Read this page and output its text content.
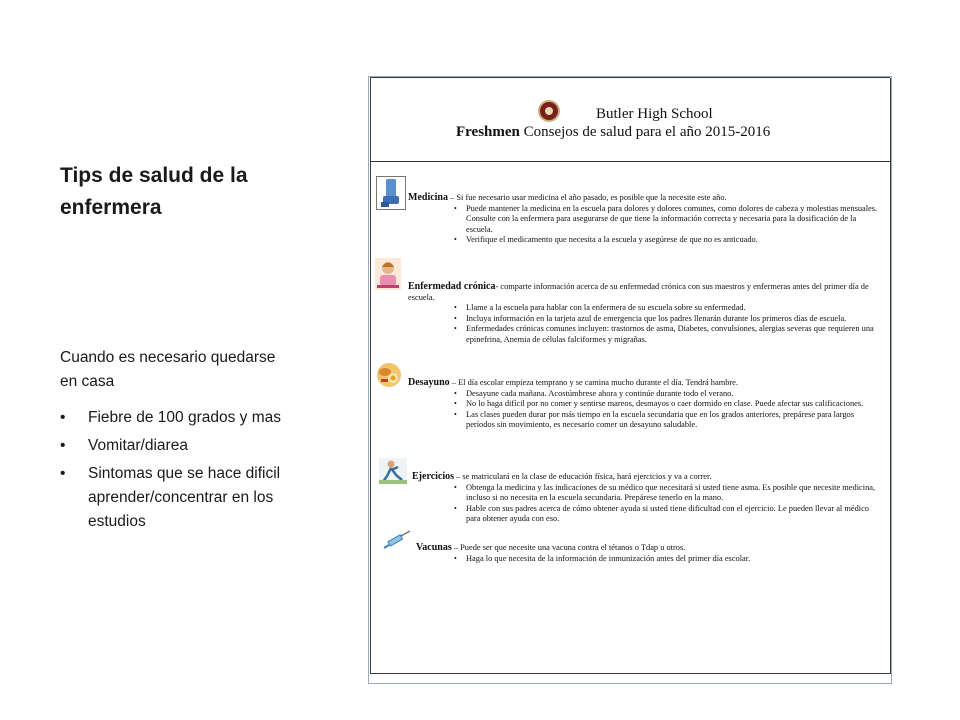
Tips de salud de la enfermera

Cuando es necesario quedarse en casa

• Fiebre de 100 grados y mas
• Vomitar/diarea
• Sintomas que se hace dificil aprender/concentrar en los estudios
Butler High School
Freshmen Consejos de salud para el año 2015-2016

Medicina – Si fue necesario usar medicina el año pasado, es posible que la necesite este año.

• Puede mantener la medicina en la escuela para dolores y dolores comunes, como dolores de cabeza y molestias mensuales. Consulte con la enfermera para asegurarse de que tiene la información correcta y necesaria para la dosificación de la escuela.
• Verifique el medicamento que necesita a la escuela y asegúrese de que no es anticuado.

Enfermedad crónica- comparte información acerca de su enfermedad crónica con sus maestros y enfermeras antes del primer día de escuela.

• Llame a la escuela para hablar con la enfermera de su escuela sobre su enfermedad.
• Incluya información en la tarjeta azul de emergencia que los padres llenarán durante los primeros días de escuela.
• Enfermedades crónicas comunes incluyen: trastornos de asma, Diabetes, convulsiones, alergias severas que requieren una epinefrina, Anemia de células falciformes y migrañas.

Desayuno – El día escolar empieza temprano y se camina mucho durante el día. Tendrá hambre.

• Desayune cada mañana. Acostúmbrese ahora y continúe durante todo el verano.
• No lo haga difícil por no comer y sentirse mareos, desmayos o caer dormido en clase. Puede afectar sus calificaciones.
• Las clases pueden durar por más tiempo en la escuela secundaria que en los grados anteriores, prepárese para largos períodos sin movimiento, es necesario comer un desayuno saludable.

Ejercicios – se matriculará en la clase de educación física, hará ejercicios y va a correr.

• Obtenga la medicina y las indicaciones de su médico que necesitará si usted tiene asma. Es posible que necesite medicina, incluso si no necesita en la escuela secundaria. Prepárese tenerlo en la mano.
• Hable con sus padres acerca de cómo obtener ayuda si usted tiene dificultad con el ejercicio. Le pueden llevar al médico para obtener ayuda con eso.

Vacunas – Puede ser que necesite una vacuna contra el tétanos o Tdap u otros.

• Haga lo que necesita de la información de inmunización antes del primer día escolar.
